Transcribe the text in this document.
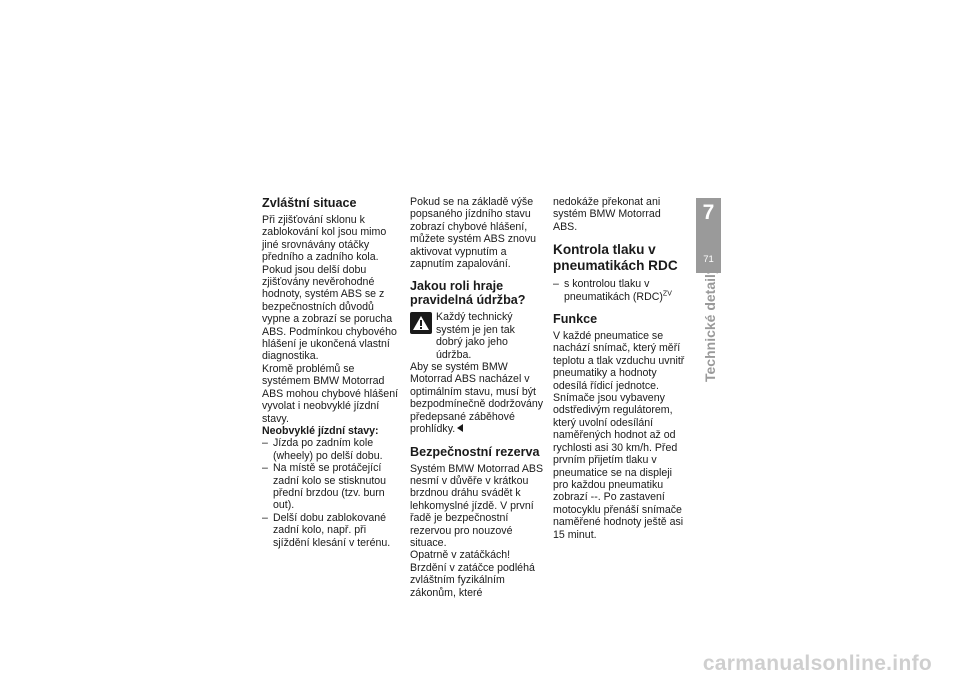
Zvláštní situace

Při zjišťování sklonu k zablokování kol jsou mimo jiné srovnávány otáčky předního a zadního kola. Pokud jsou delší dobu zjišťovány nevěrohodné hodnoty, systém ABS se z bezpečnostních důvodů vypne a zobrazí se porucha ABS. Podmínkou chybového hlášení je ukončená vlastní diagnostika.

Kromě problémů se systémem BMW Motorrad ABS mohou chybové hlášení vyvolat i neobvyklé jízdní stavy.

Neobvyklé jízdní stavy:

– Jízda po zadním kole (wheely) po delší dobu.
– Na místě se protáčející zadní kolo se stisknutou přední brzdou (tzv. burn out).
– Delší dobu zablokované zadní kolo, např. při sjíždění klesání v terénu.

Pokud se na základě výše popsaného jízdního stavu zobrazí chybové hlášení, můžete systém ABS znovu aktivovat vypnutím a zapnutím zapalování.

Jakou roli hraje pravidelná údržba?

Každý technický systém je jen tak dobrý jako jeho údržba.

Aby se systém BMW Motorrad ABS nacházel v optimálním stavu, musí být bezpodmínečně dodržovány předepsané záběhové prohlídky.

Bezpečnostní rezerva

Systém BMW Motorrad ABS nesmí v důvěře v krátkou brzdnou dráhu svádět k lehkomyslné jízdě. V první řadě je bezpečnostní rezervou pro nouzové situace.

Opatrně v zatáčkách! Brzdění v zatáčce podléhá zvláštním fyzikálním zákonům, které

nedokáže překonat ani systém BMW Motorrad ABS.

Kontrola tlaku v pneumatikách RDC
– s kontrolou tlaku v pneumatikách (RDC)$^{ZV}$
Funkce

V každé pneumatice se nachází snímač, který měří teplotu a tlak vzduchu uvnitř pneumatiky a hodnoty odesílá řídicí jednotce.

Snímače jsou vybaveny odstředivým regulátorem, který uvolní odesílání naměřených hodnot až od rychlosti asi 30 km/h. Před prvním přijetím tlaku v pneumatice se na displeji pro každou pneumatiku zobrazí --. Po zastavení motocyklu přenáší snímače naměřené hodnoty ještě asi 15 minut.

7
71
Technické detaily
carmanualsonline.info
